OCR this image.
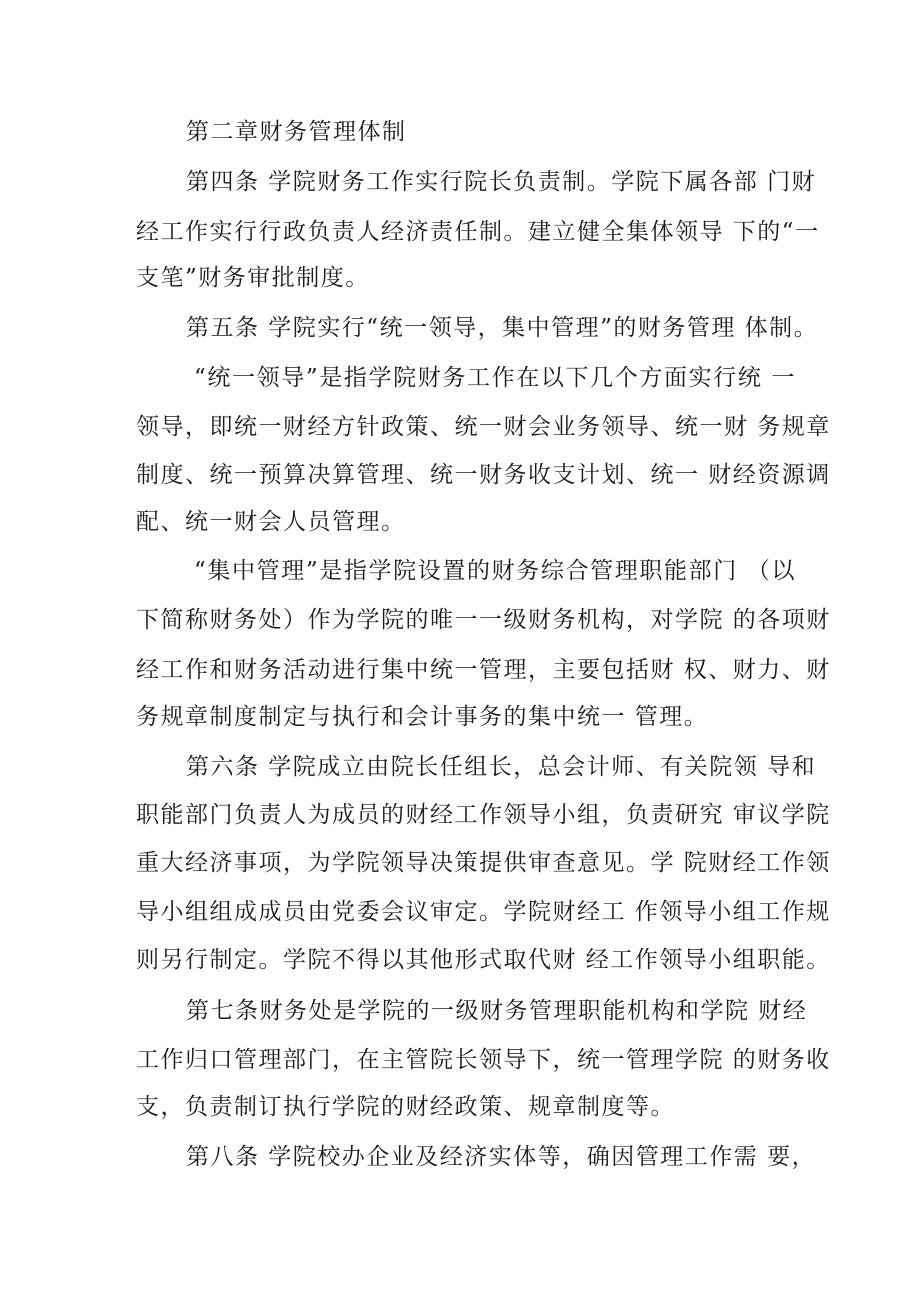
第二章财务管理体制
第四条 学院财务工作实行院长负责制。学院下属各部 门财
经工作实行行政负责人经济责任制。建立健全集体领导 下的“一
支笔”财务审批制度。
第五条 学院实行“统一领导，集中管理”的财务管理 体制。
“统一领导”是指学院财务工作在以下几个方面实行统 一
领导，即统一财经方针政策、统一财会业务领导、统一财 务规章
制度、统一预算决算管理、统一财务收支计划、统一 财经资源调
配、统一财会人员管理。
“集中管理”是指学院设置的财务综合管理职能部门 （以
下简称财务处）作为学院的唯一一级财务机构，对学院 的各项财
经工作和财务活动进行集中统一管理，主要包括财 权、财力、财
务规章制度制定与执行和会计事务的集中统一 管理。
第六条 学院成立由院长任组长，总会计师、有关院领 导和
职能部门负责人为成员的财经工作领导小组，负责研究 审议学院
重大经济事项，为学院领导决策提供审查意见。学 院财经工作领
导小组组成成员由党委会议审定。学院财经工 作领导小组工作规
则另行制定。学院不得以其他形式取代财 经工作领导小组职能。
第七条财务处是学院的一级财务管理职能机构和学院 财经
工作归口管理部门，在主管院长领导下，统一管理学院 的财务收
支，负责制订执行学院的财经政策、规章制度等。
第八条 学院校办企业及经济实体等，确因管理工作需 要，
